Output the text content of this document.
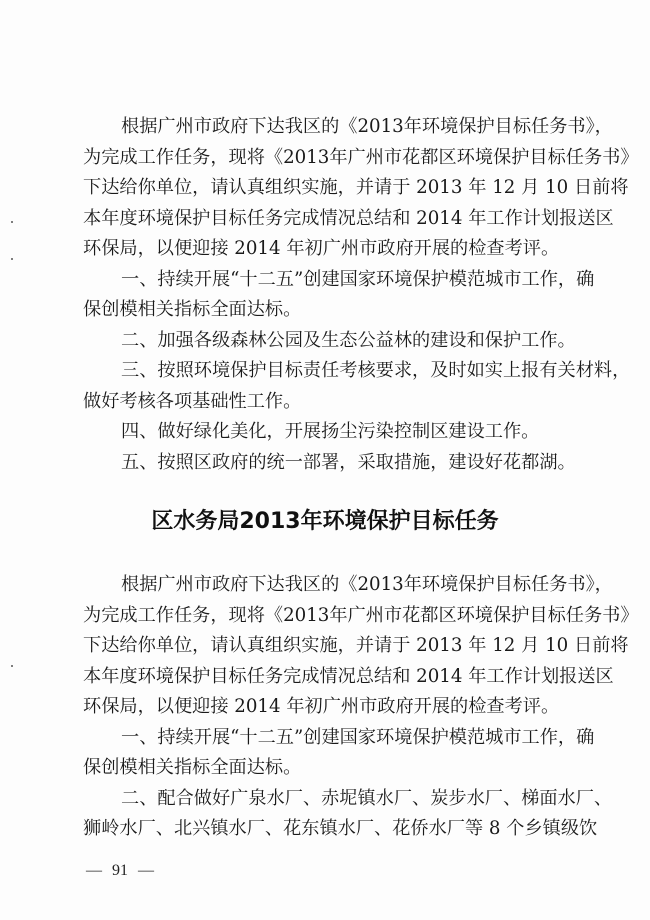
根据广州市政府下达我区的《2013年环境保护目标任务书》，
为完成工作任务，现将《2013年广州市花都区环境保护目标任务书》
下达给你单位，请认真组织实施，并请于 2013 年 12 月 10 日前将
本年度环境保护目标任务完成情况总结和 2014 年工作计划报送区
环保局，以便迎接 2014 年初广州市政府开展的检查考评。
一、持续开展“十二五”创建国家环境保护模范城市工作，确
保创模相关指标全面达标。
二、加强各级森林公园及生态公益林的建设和保护工作。
三、按照环境保护目标责任考核要求，及时如实上报有关材料，
做好考核各项基础性工作。
四、做好绿化美化，开展扬尘污染控制区建设工作。
五、按照区政府的统一部署，采取措施，建设好花都湖。
区水务局2013年环境保护目标任务
根据广州市政府下达我区的《2013年环境保护目标任务书》，
为完成工作任务，现将《2013年广州市花都区环境保护目标任务书》
下达给你单位，请认真组织实施，并请于 2013 年 12 月 10 日前将
本年度环境保护目标任务完成情况总结和 2014 年工作计划报送区
环保局，以便迎接 2014 年初广州市政府开展的检查考评。
一、持续开展“十二五”创建国家环境保护模范城市工作，确
保创模相关指标全面达标。
二、配合做好广泉水厂、赤坭镇水厂、炭步水厂、梯面水厂、
狮岭水厂、北兴镇水厂、花东镇水厂、花侨水厂等 8 个乡镇级饮
— 91 —
